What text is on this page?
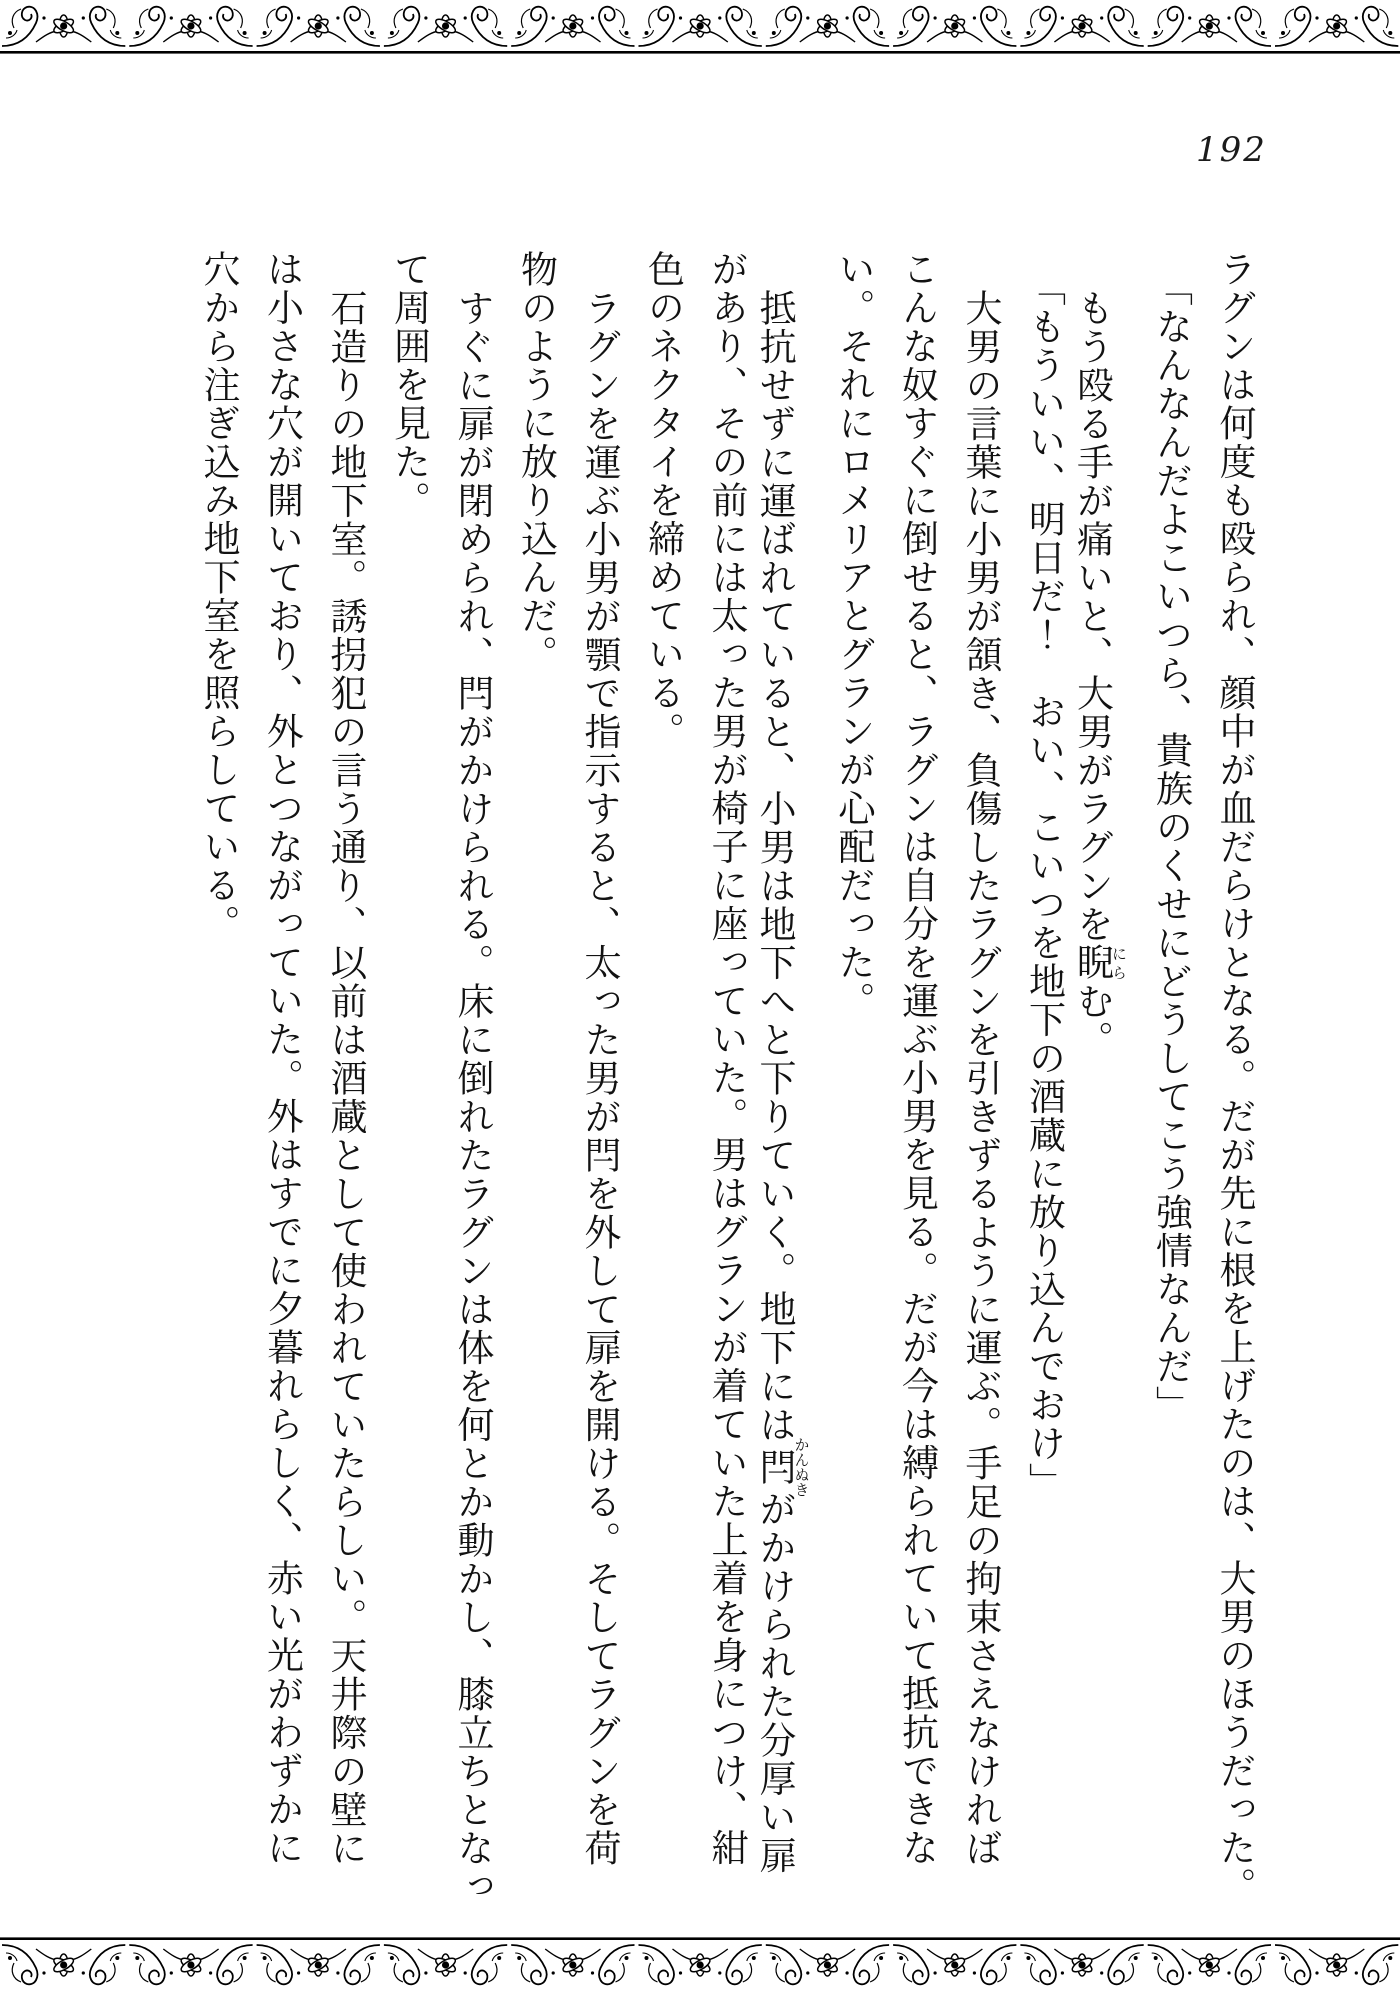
192
ラグンは何度も殴られ、顔中が血だらけとなる。だが先に根を上げたのは、大男のほうだった。
「なんなんだよこいつら、貴族のくせにどうしてこう強情なんだ」
もう殴る手が痛いと、大男がラグンを睨にらむ。
「もういい、明日だ！　おい、こいつを地下の酒蔵に放り込んでおけ」
大男の言葉に小男が頷き、負傷したラグンを引きずるように運ぶ。手足の拘束さえなければ
こんな奴すぐに倒せると、ラグンは自分を運ぶ小男を見る。だが今は縛られていて抵抗できな
い。それにロメリアとグランが心配だった。
抵抗せずに運ばれていると、小男は地下へと下りていく。地下には閂かんぬきがかけられた分厚い扉
があり、その前には太った男が椅子に座っていた。男はグランが着ていた上着を身につけ、紺
色のネクタイを締めている。
ラグンを運ぶ小男が顎で指示すると、太った男が閂を外して扉を開ける。そしてラグンを荷
物のように放り込んだ。
すぐに扉が閉められ、閂がかけられる。床に倒れたラグンは体を何とか動かし、膝立ちとなっ
て周囲を見た。
石造りの地下室。誘拐犯の言う通り、以前は酒蔵として使われていたらしい。天井際の壁に
は小さな穴が開いており、外とつながっていた。外はすでに夕暮れらしく、赤い光がわずかに
穴から注ぎ込み地下室を照らしている。
